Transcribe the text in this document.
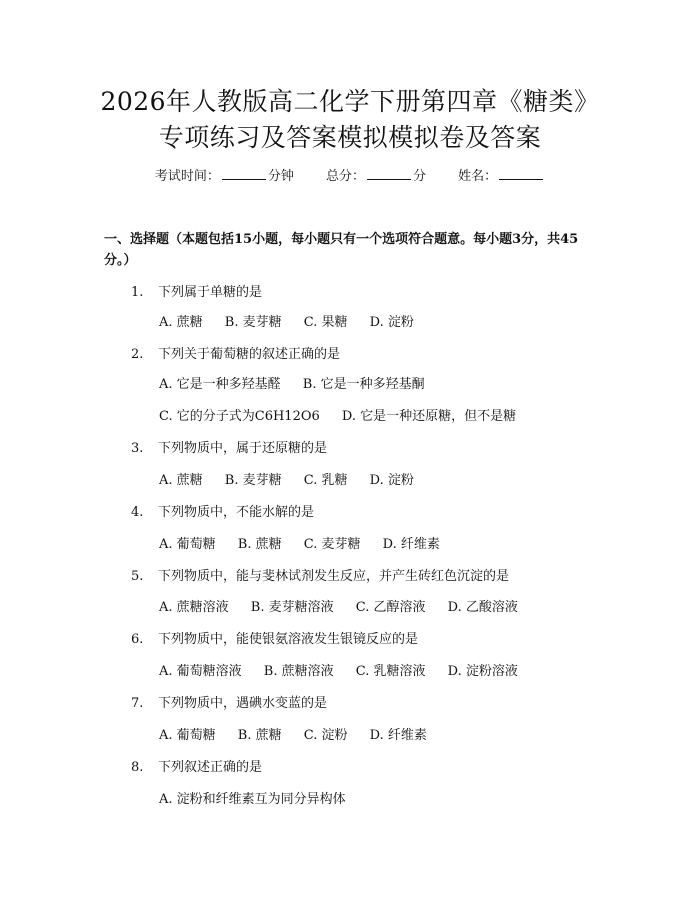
2026年人教版高二化学下册第四章《糖类》
专项练习及答案模拟模拟卷及答案
考试时间：	分钟 总分：	分 姓名：
一、选择题（本题包括15小题，每小题只有一个选项符合题意。每小题3分，共45分。）
1. 下列属于单糖的是
A. 蔗糖 B. 麦芽糖 C. 果糖 D. 淀粉
2. 下列关于葡萄糖的叙述正确的是
A. 它是一种多羟基醛 B. 它是一种多羟基酮
C. 它的分子式为C6H12O6 D. 它是一种还原糖，但不是糖
3. 下列物质中，属于还原糖的是
A. 蔗糖 B. 麦芽糖 C. 乳糖 D. 淀粉
4. 下列物质中，不能水解的是
A. 葡萄糖 B. 蔗糖 C. 麦芽糖 D. 纤维素
5. 下列物质中，能与斐林试剂发生反应，并产生砖红色沉淀的是
A. 蔗糖溶液 B. 麦芽糖溶液 C. 乙醇溶液 D. 乙酸溶液
6. 下列物质中，能使银氨溶液发生银镜反应的是
A. 葡萄糖溶液 B. 蔗糖溶液 C. 乳糖溶液 D. 淀粉溶液
7. 下列物质中，遇碘水变蓝的是
A. 葡萄糖 B. 蔗糖 C. 淀粉 D. 纤维素
8. 下列叙述正确的是
A. 淀粉和纤维素互为同分异构体
